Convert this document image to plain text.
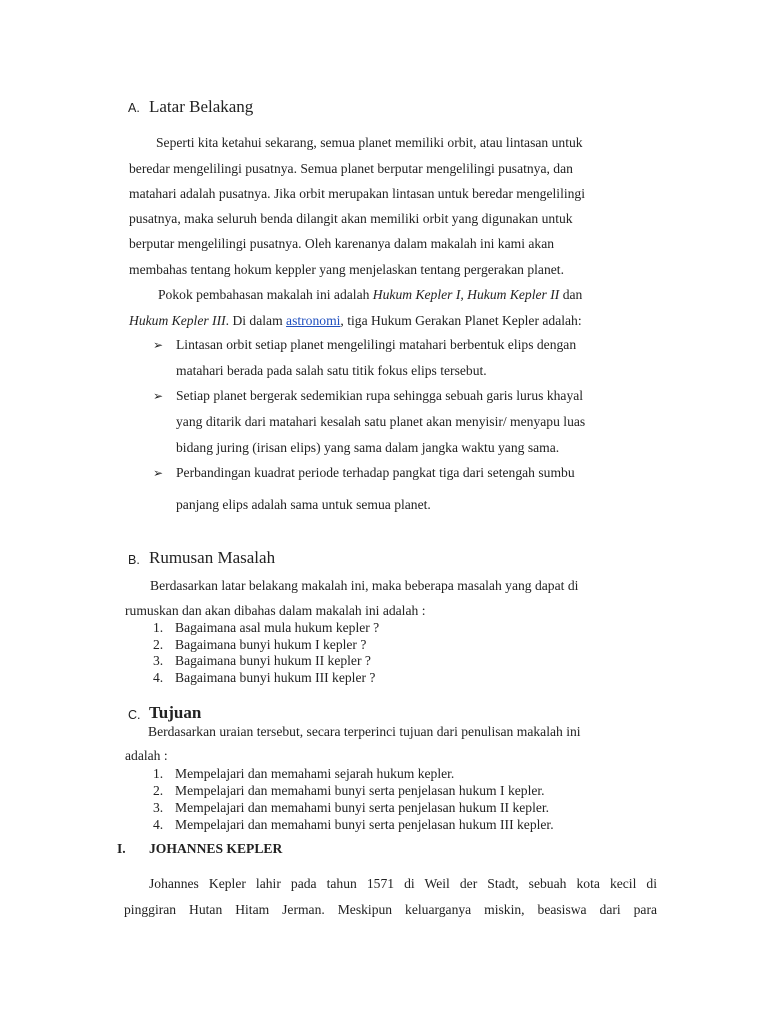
A. Latar Belakang
Seperti kita ketahui sekarang, semua planet memiliki orbit, atau lintasan untuk
beredar mengelilingi pusatnya. Semua planet berputar mengelilingi pusatnya, dan
matahari adalah pusatnya. Jika orbit merupakan lintasan untuk beredar mengelilingi
pusatnya, maka seluruh benda dilangit akan memiliki orbit yang digunakan untuk
berputar mengelilingi pusatnya. Oleh karenanya dalam makalah ini kami akan
membahas tentang hokum keppler yang menjelaskan tentang pergerakan planet.
Pokok pembahasan makalah ini adalah Hukum Kepler I, Hukum Kepler II dan
Hukum Kepler III. Di dalam astronomi, tiga Hukum Gerakan Planet Kepler adalah:
➢ Lintasan orbit setiap planet mengelilingi matahari berbentuk elips dengan
matahari berada pada salah satu titik fokus elips tersebut.
➢ Setiap planet bergerak sedemikian rupa sehingga sebuah garis lurus khayal
yang ditarik dari matahari kesalah satu planet akan menyisir/ menyapu luas
bidang juring (irisan elips) yang sama dalam jangka waktu yang sama.
➢ Perbandingan kuadrat periode terhadap pangkat tiga dari setengah sumbu
panjang elips adalah sama untuk semua planet.
B. Rumusan Masalah
Berdasarkan latar belakang makalah ini, maka beberapa masalah yang dapat di
rumuskan dan akan dibahas dalam makalah ini adalah :
1. Bagaimana asal mula hukum kepler ?
2. Bagaimana bunyi hukum I kepler ?
3. Bagaimana bunyi hukum II kepler ?
4. Bagaimana bunyi hukum III kepler ?
C. Tujuan
Berdasarkan uraian tersebut, secara terperinci tujuan dari penulisan makalah ini
adalah :
1. Mempelajari dan memahami sejarah hukum kepler.
2. Mempelajari dan memahami bunyi serta penjelasan hukum I kepler.
3. Mempelajari dan memahami bunyi serta penjelasan hukum II kepler.
4. Mempelajari dan memahami bunyi serta penjelasan hukum III kepler.
I. JOHANNES KEPLER
Johannes Kepler lahir pada tahun 1571 di Weil der Stadt, sebuah kota kecil di
pinggiran Hutan Hitam Jerman. Meskipun keluarganya miskin, beasiswa dari para
